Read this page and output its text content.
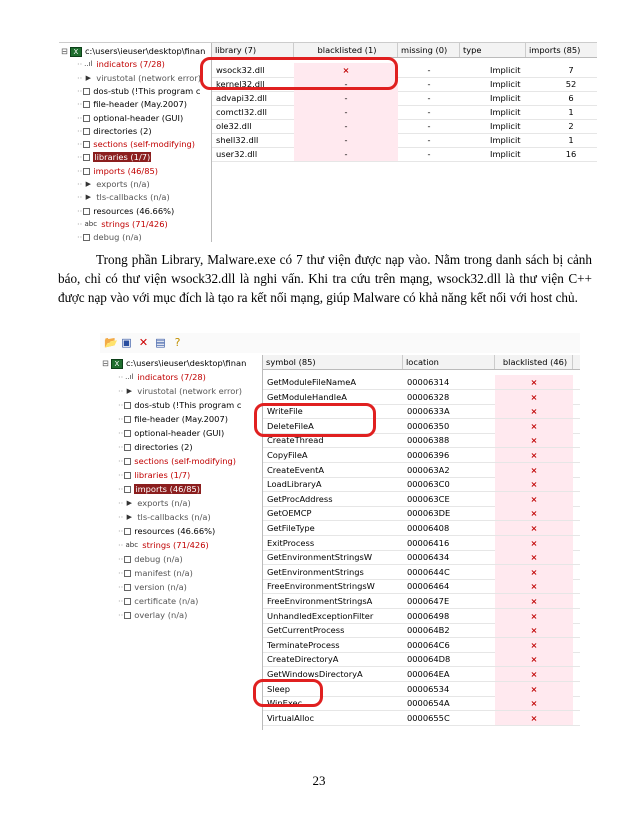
⊟ X c:\users\ieuser\desktop\finan
·· ..ıl indicators (7/28)
·· ▶ virustotal (network error)
·· dos-stub (!This program c
·· file-header (May.2007)
·· optional-header (GUI)
·· directories (2)
·· sections (self-modifying)
·· libraries (1/7)
·· imports (46/85)
·· ▶ exports (n/a)
·· ▶ tls-callbacks (n/a)
·· resources (46.66%)
·· abc strings (71/426)
·· debug (n/a)
library (7)	blacklisted (1)	missing (0)	type	imports (85)
wsock32.dll	×	-	Implicit	7
kernel32.dll	-	-	Implicit	52
advapi32.dll	-	-	Implicit	6
comctl32.dll	-	-	Implicit	1
ole32.dll	-	-	Implicit	2
shell32.dll	-	-	Implicit	1
user32.dll	-	-	Implicit	16
Trong phần Library, Malware.exe có 7 thư viện được nạp vào. Nằm trong danh sách bị cảnh báo, chỉ có thư viện wsock32.dll là nghi vấn. Khi tra cứu trên mạng, wsock32.dll là thư viện C++ được nạp vào với mục đích là tạo ra kết nối mạng, giúp Malware có khả năng kết nối với host chủ.
📂 ▣ ✕ ▤ ?
⊟ X c:\users\ieuser\desktop\finan
·· ..ıl indicators (7/28)
·· ▶ virustotal (network error)
·· dos-stub (!This program c
·· file-header (May.2007)
·· optional-header (GUI)
·· directories (2)
·· sections (self-modifying)
·· libraries (1/7)
·· imports (46/85)
·· ▶ exports (n/a)
·· ▶ tls-callbacks (n/a)
·· resources (46.66%)
·· abc strings (71/426)
·· debug (n/a)
·· manifest (n/a)
·· version (n/a)
·· certificate (n/a)
·· overlay (n/a)
symbol (85)	location	blacklisted (46)
GetModuleFileNameA	00006314	×
GetModuleHandleA	00006328	×
WriteFile	0000633A	×
DeleteFileA	00006350	×
CreateThread	00006388	×
CopyFileA	00006396	×
CreateEventA	000063A2	×
LoadLibraryA	000063C0	×
GetProcAddress	000063CE	×
GetOEMCP	000063DE	×
GetFileType	00006408	×
ExitProcess	00006416	×
GetEnvironmentStringsW	00006434	×
GetEnvironmentStrings	0000644C	×
FreeEnvironmentStringsW	00006464	×
FreeEnvironmentStringsA	0000647E	×
UnhandledExceptionFilter	00006498	×
GetCurrentProcess	000064B2	×
TerminateProcess	000064C6	×
CreateDirectoryA	000064D8	×
GetWindowsDirectoryA	000064EA	×
Sleep	00006534	×
WinExec	0000654A	×
VirtualAlloc	0000655C	×
23
